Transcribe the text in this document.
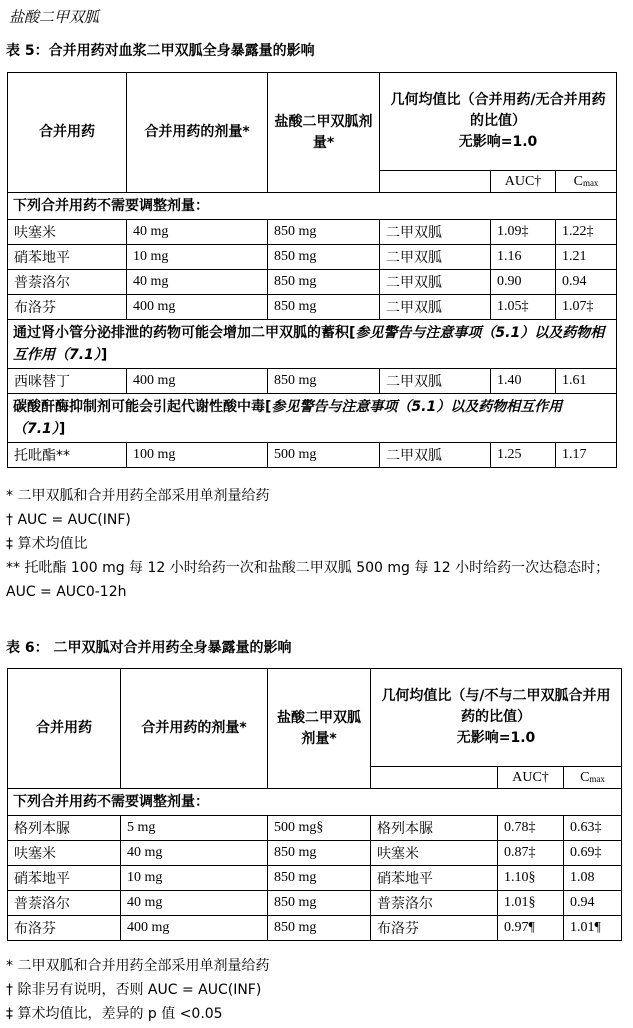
盐酸二甲双胍
表 5：合并用药对血浆二甲双胍全身暴露量的影响
合并用药	合并用药的剂量*	盐酸二甲双胍剂量*	几何均值比（合并用药/无合并用药的比值）
无影响=1.0		
				AUC†	$C_{max}$
下列合并用药不需要调整剂量：					
呋塞米	40 mg	850 mg	二甲双胍	1.09‡	1.22‡
硝苯地平	10 mg	850 mg	二甲双胍	1.16	1.21
普萘洛尔	40 mg	850 mg	二甲双胍	0.90	0.94
布洛芬	400 mg	850 mg	二甲双胍	1.05‡	1.07‡
通过肾小管分泌排泄的药物可能会增加二甲双胍的蓄积[参见警告与注意事项（5.1）以及药物相互作用（7.1）]					
西咪替丁	400 mg	850 mg	二甲双胍	1.40	1.61
碳酸酐酶抑制剂可能会引起代谢性酸中毒[参见警告与注意事项（5.1）以及药物相互作用（7.1）]					
托吡酯**	100 mg	500 mg	二甲双胍	1.25	1.17
* 二甲双胍和合并用药全部采用单剂量给药
† AUC = AUC(INF)
‡ 算术均值比
** 托吡酯 100 mg 每 12 小时给药一次和盐酸二甲双胍 500 mg 每 12 小时给药一次达稳态时；AUC = AUC0-12h
表 6： 二甲双胍对合并用药全身暴露量的影响
合并用药	合并用药的剂量*	盐酸二甲双胍剂量*	几何均值比（与/不与二甲双胍合并用药的比值）
无影响=1.0		
				AUC†	$C_{max}$
下列合并用药不需要调整剂量：					
格列本脲	5 mg	500 mg§	格列本脲	0.78‡	0.63‡
呋塞米	40 mg	850 mg	呋塞米	0.87‡	0.69‡
硝苯地平	10 mg	850 mg	硝苯地平	1.10§	1.08
普萘洛尔	40 mg	850 mg	普萘洛尔	1.01§	0.94
布洛芬	400 mg	850 mg	布洛芬	0.97¶	1.01¶
* 二甲双胍和合并用药全部采用单剂量给药
† 除非另有说明，否则 AUC = AUC(INF)
‡ 算术均值比，差异的 p 值 <0.05
